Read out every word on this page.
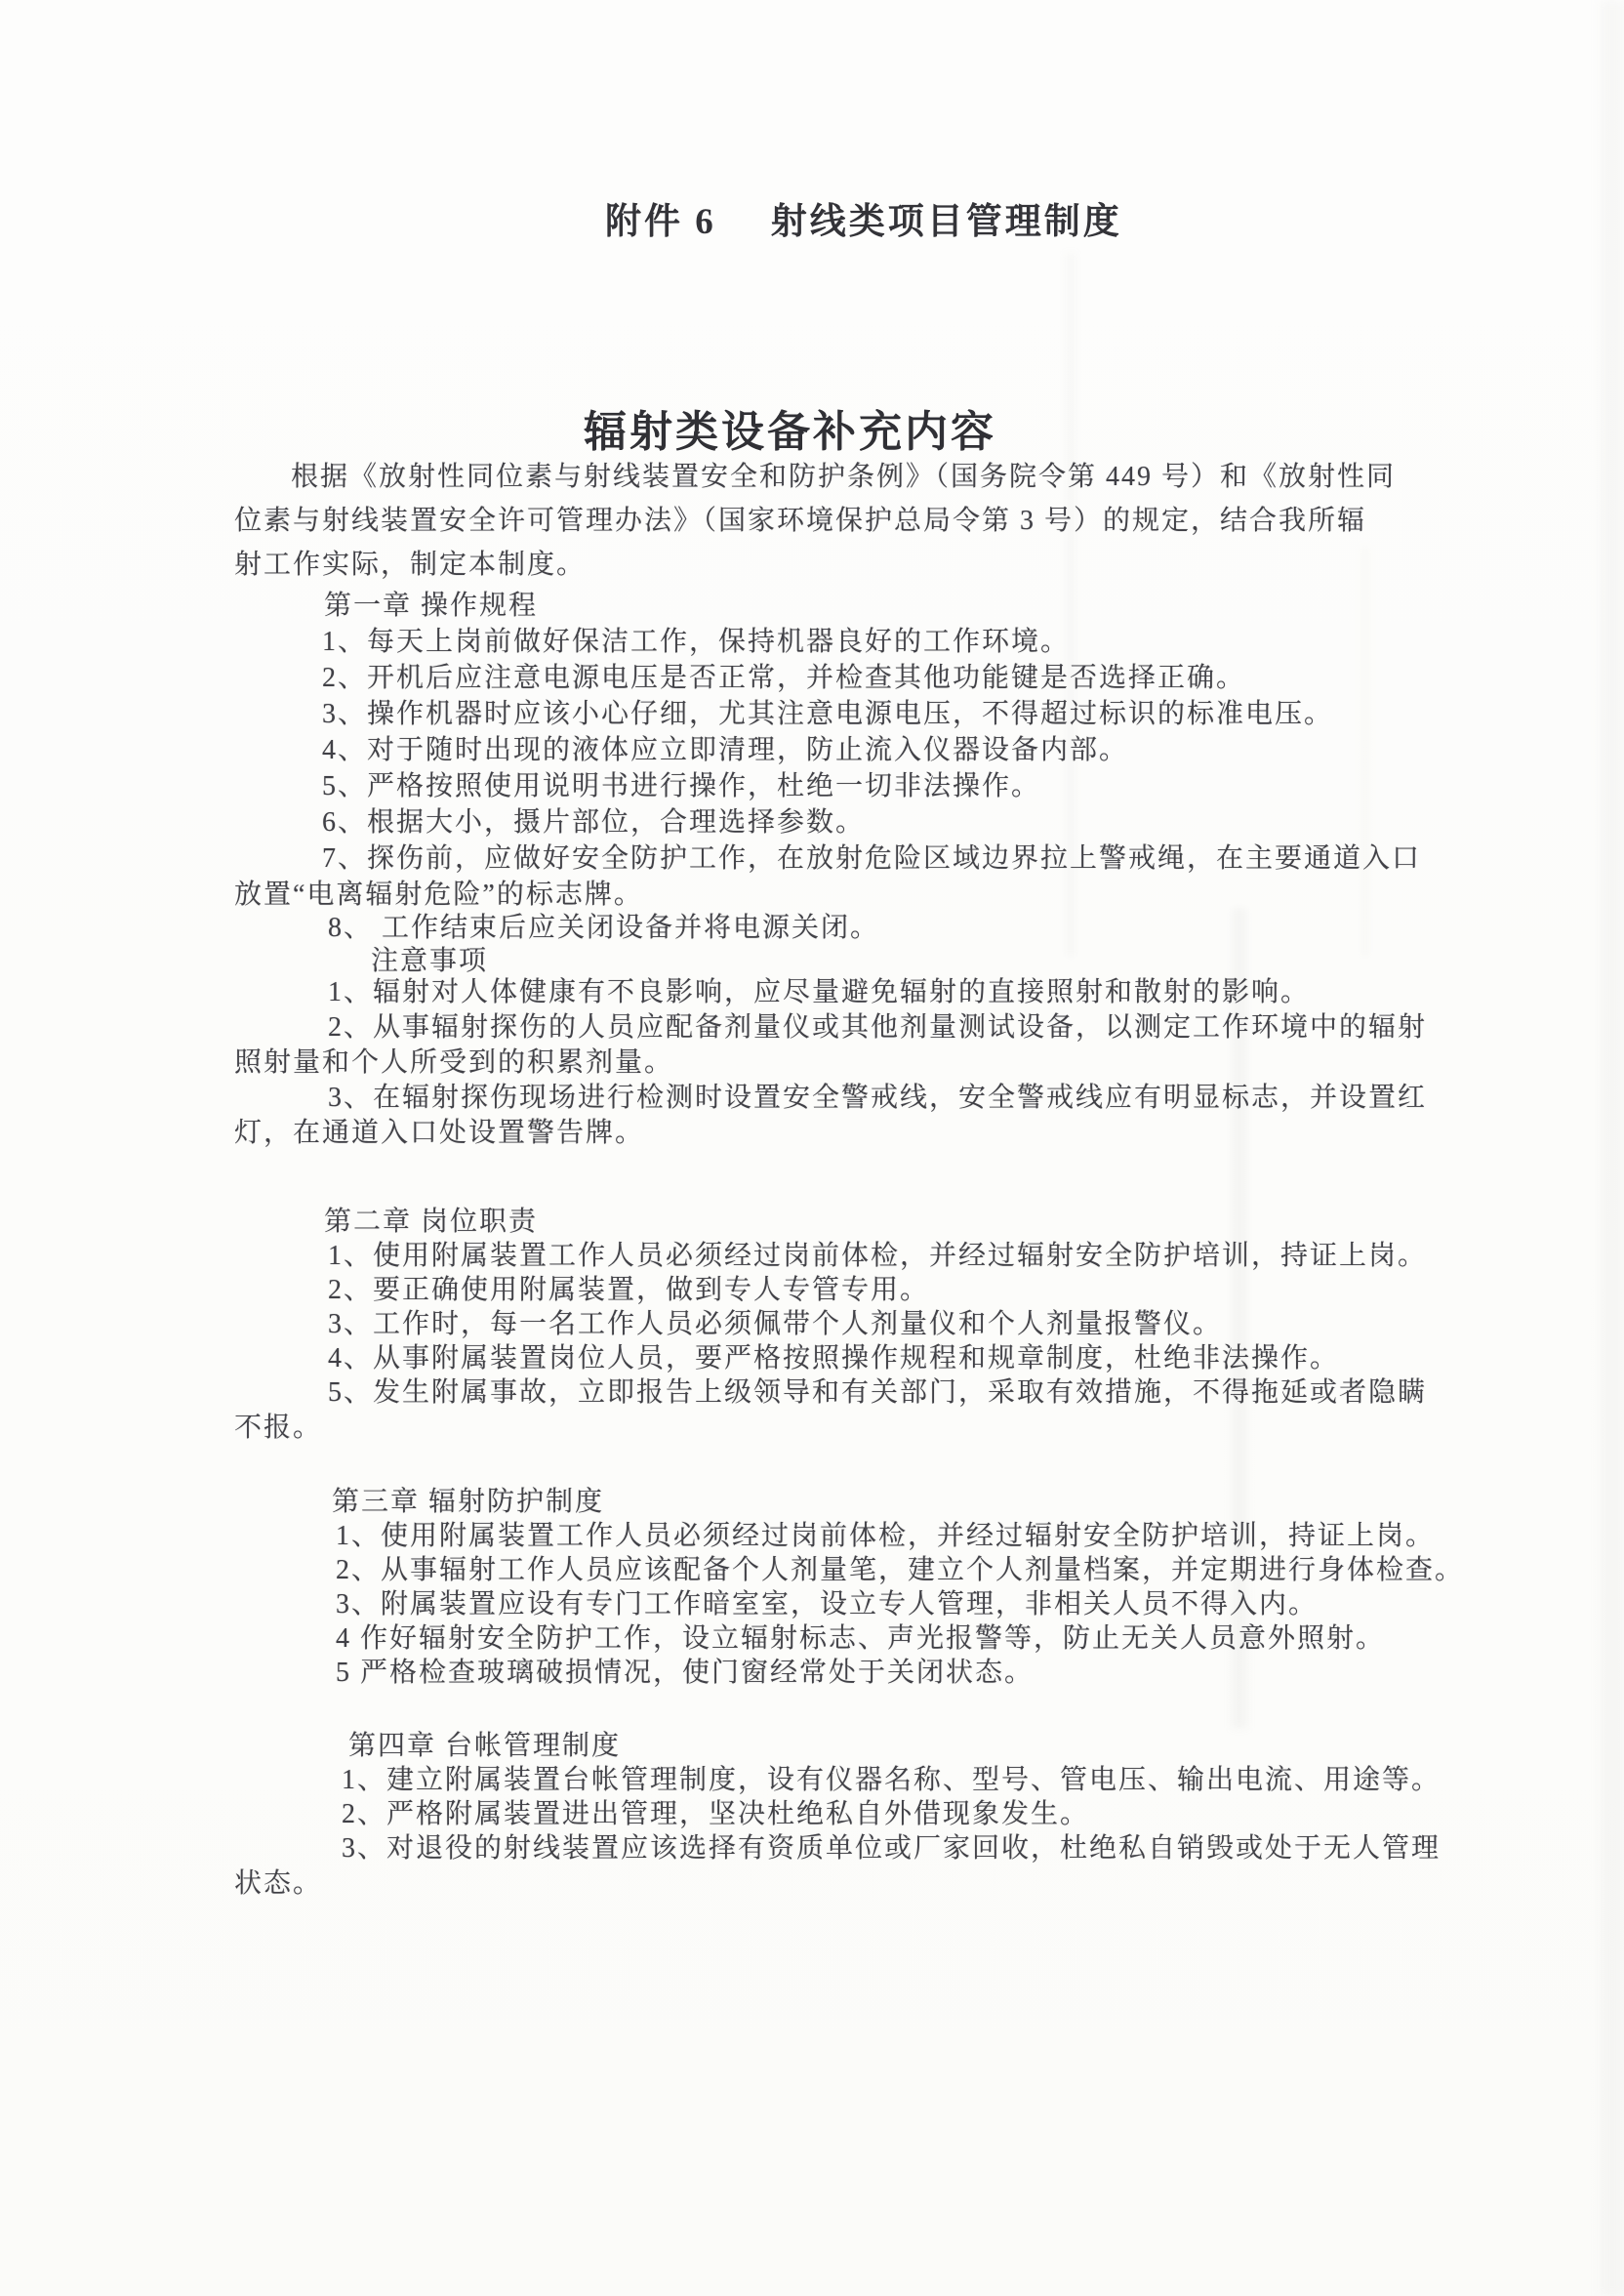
附件 6 射线类项目管理制度
辐射类设备补充内容
根据《放射性同位素与射线装置安全和防护条例》（国务院令第 449 号）和《放射性同
位素与射线装置安全许可管理办法》（国家环境保护总局令第 3 号）的规定，结合我所辐
射工作实际，制定本制度。
第一章 操作规程
1、每天上岗前做好保洁工作，保持机器良好的工作环境。
2、开机后应注意电源电压是否正常，并检查其他功能键是否选择正确。
3、操作机器时应该小心仔细，尤其注意电源电压，不得超过标识的标准电压。
4、对于随时出现的液体应立即清理，防止流入仪器设备内部。
5、严格按照使用说明书进行操作，杜绝一切非法操作。
6、根据大小，摄片部位，合理选择参数。
7、探伤前，应做好安全防护工作，在放射危险区域边界拉上警戒绳，在主要通道入口
放置“电离辐射危险”的标志牌。
8、 工作结束后应关闭设备并将电源关闭。
注意事项
1、辐射对人体健康有不良影响，应尽量避免辐射的直接照射和散射的影响。
2、从事辐射探伤的人员应配备剂量仪或其他剂量测试设备，以测定工作环境中的辐射
照射量和个人所受到的积累剂量。
3、在辐射探伤现场进行检测时设置安全警戒线，安全警戒线应有明显标志，并设置红
灯，在通道入口处设置警告牌。
第二章 岗位职责
1、使用附属装置工作人员必须经过岗前体检，并经过辐射安全防护培训，持证上岗。
2、要正确使用附属装置，做到专人专管专用。
3、工作时，每一名工作人员必须佩带个人剂量仪和个人剂量报警仪。
4、从事附属装置岗位人员，要严格按照操作规程和规章制度，杜绝非法操作。
5、发生附属事故，立即报告上级领导和有关部门，采取有效措施，不得拖延或者隐瞒
不报。
第三章 辐射防护制度
1、使用附属装置工作人员必须经过岗前体检，并经过辐射安全防护培训，持证上岗。
2、从事辐射工作人员应该配备个人剂量笔，建立个人剂量档案，并定期进行身体检查。
3、附属装置应设有专门工作暗室室，设立专人管理，非相关人员不得入内。
4 作好辐射安全防护工作，设立辐射标志、声光报警等，防止无关人员意外照射。
5 严格检查玻璃破损情况，使门窗经常处于关闭状态。
第四章 台帐管理制度
1、建立附属装置台帐管理制度，设有仪器名称、型号、管电压、输出电流、用途等。
2、严格附属装置进出管理，坚决杜绝私自外借现象发生。
3、对退役的射线装置应该选择有资质单位或厂家回收，杜绝私自销毁或处于无人管理
状态。
